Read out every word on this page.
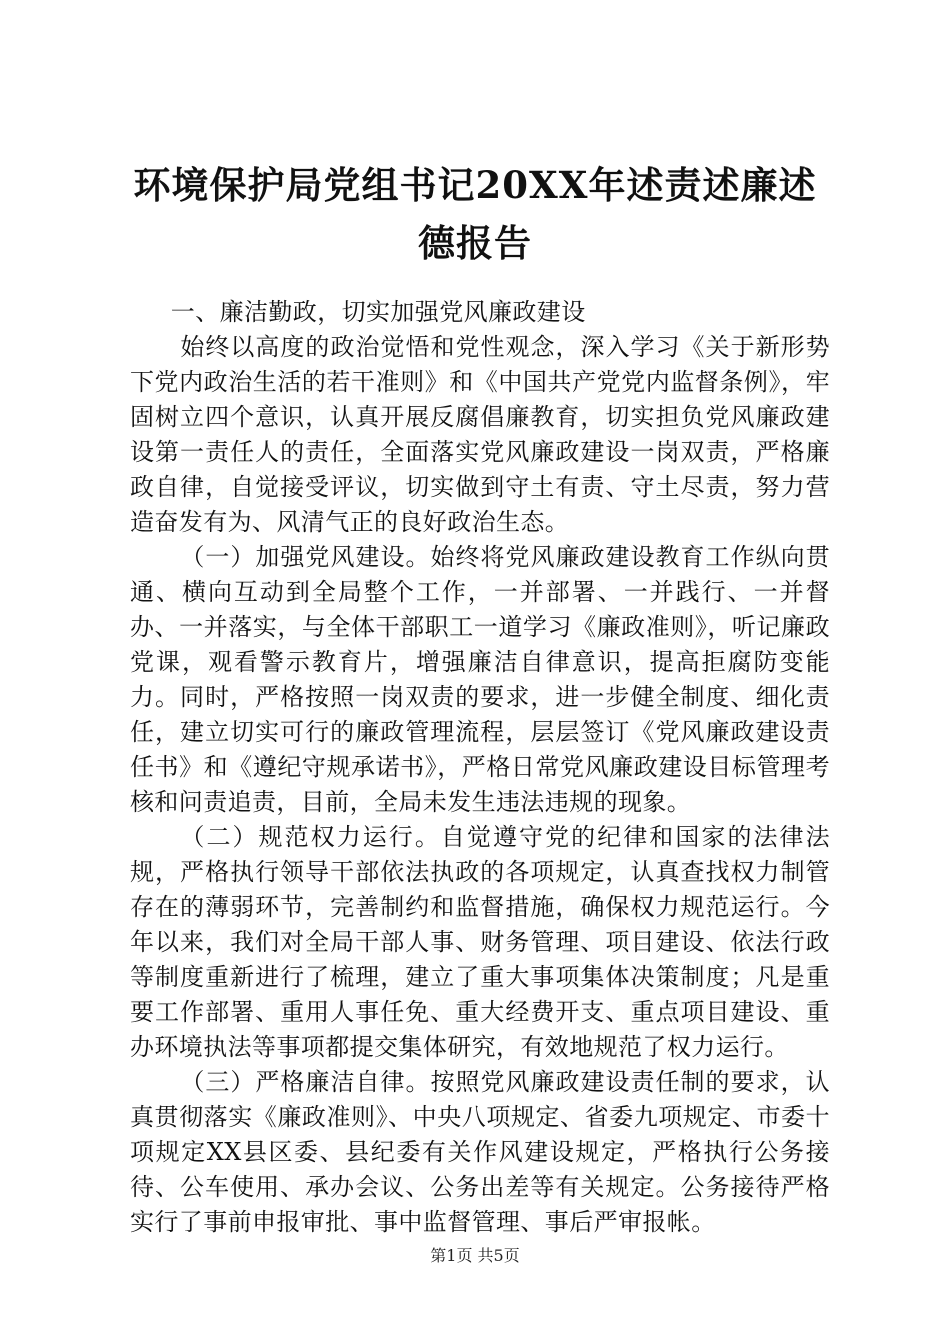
环境保护局党组书记20XX年述责述廉述德报告

一、廉洁勤政，切实加强党风廉政建设

始终以高度的政治觉悟和党性观念，深入学习《关于新形势下党内政治生活的若干准则》和《中国共产党党内监督条例》，牢固树立四个意识，认真开展反腐倡廉教育，切实担负党风廉政建设第一责任人的责任，全面落实党风廉政建设一岗双责，严格廉政自律，自觉接受评议，切实做到守土有责、守土尽责，努力营造奋发有为、风清气正的良好政治生态。

（一）加强党风建设。始终将党风廉政建设教育工作纵向贯通、横向互动到全局整个工作，一并部署、一并践行、一并督办、一并落实，与全体干部职工一道学习《廉政准则》，听记廉政党课，观看警示教育片，增强廉洁自律意识，提高拒腐防变能力。同时，严格按照一岗双责的要求，进一步健全制度、细化责任，建立切实可行的廉政管理流程，层层签订《党风廉政建设责任书》和《遵纪守规承诺书》，严格日常党风廉政建设目标管理考核和问责追责，目前，全局未发生违法违规的现象。

（二）规范权力运行。自觉遵守党的纪律和国家的法律法规，严格执行领导干部依法执政的各项规定，认真查找权力制管存在的薄弱环节，完善制约和监督措施，确保权力规范运行。今年以来，我们对全局干部人事、财务管理、项目建设、依法行政等制度重新进行了梳理，建立了重大事项集体决策制度；凡是重要工作部署、重用人事任免、重大经费开支、重点项目建设、重办环境执法等事项都提交集体研究，有效地规范了权力运行。

（三）严格廉洁自律。按照党风廉政建设责任制的要求，认真贯彻落实《廉政准则》、中央八项规定、省委九项规定、市委十项规定XX县区委、县纪委有关作风建设规定，严格执行公务接待、公车使用、承办会议、公务出差等有关规定。公务接待严格实行了事前申报审批、事中监督管理、事后严审报帐。

第1页 共5页
